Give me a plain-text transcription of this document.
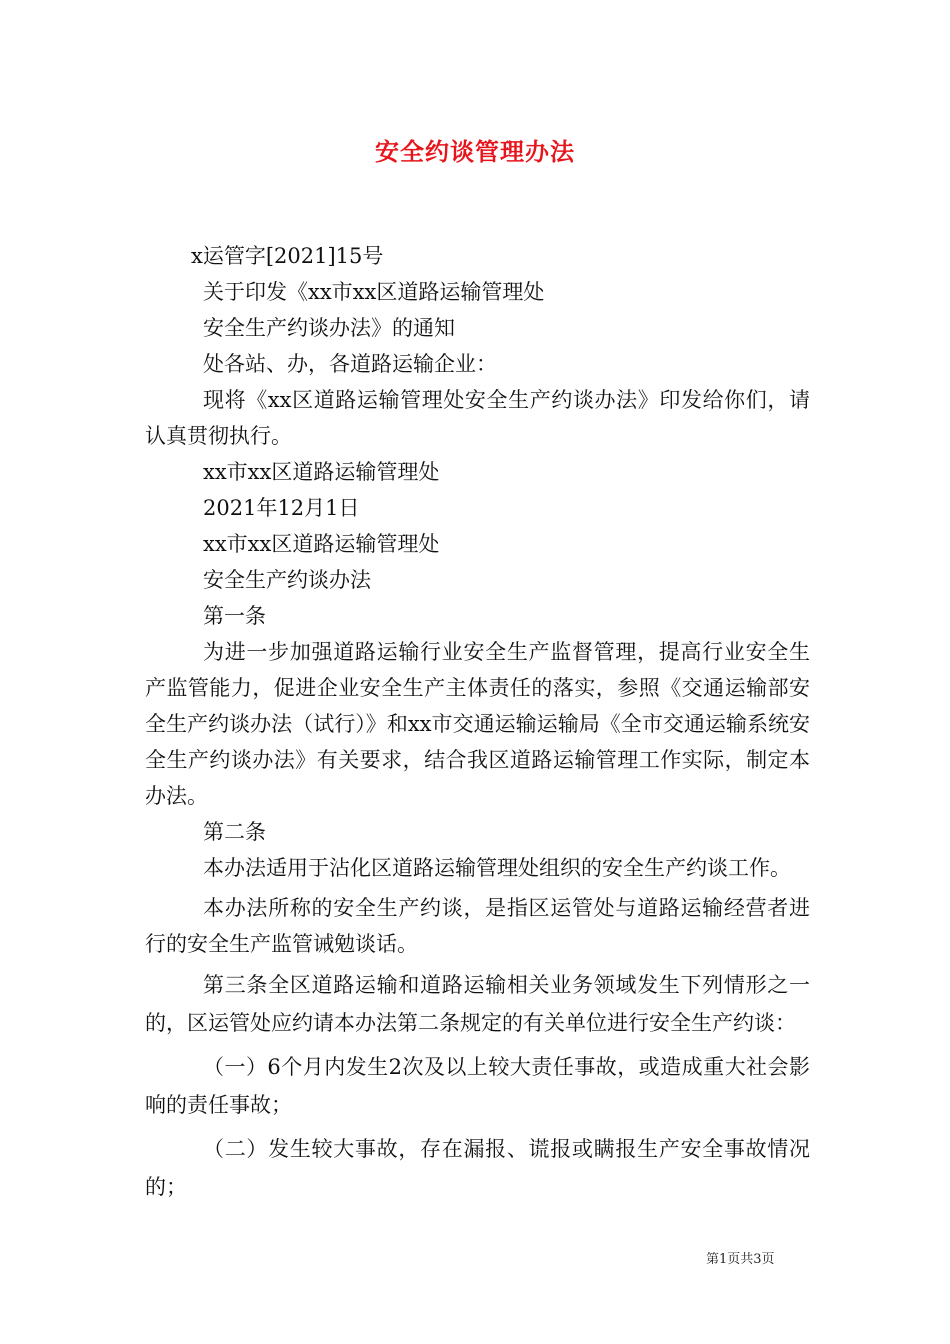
安全约谈管理办法

x运管字[2021]15号

关于印发《xx市xx区道路运输管理处

安全生产约谈办法》的通知

处各站、办，各道路运输企业：

现将《xx区道路运输管理处安全生产约谈办法》印发给你们，请认真贯彻执行。

xx市xx区道路运输管理处

2021年12月1日

xx市xx区道路运输管理处

安全生产约谈办法

第一条

为进一步加强道路运输行业安全生产监督管理，提高行业安全生产监管能力，促进企业安全生产主体责任的落实，参照《交通运输部安全生产约谈办法（试行）》和xx市交通运输运输局《全市交通运输系统安全生产约谈办法》有关要求，结合我区道路运输管理工作实际，制定本办法。

第二条

本办法适用于沾化区道路运输管理处组织的安全生产约谈工作。

本办法所称的安全生产约谈，是指区运管处与道路运输经营者进行的安全生产监管诫勉谈话。

第三条全区道路运输和道路运输相关业务领域发生下列情形之一的，区运管处应约请本办法第二条规定的有关单位进行安全生产约谈：

（一）6个月内发生2次及以上较大责任事故，或造成重大社会影响的责任事故；

（二）发生较大事故，存在漏报、谎报或瞒报生产安全事故情况的；

第1页共3页
